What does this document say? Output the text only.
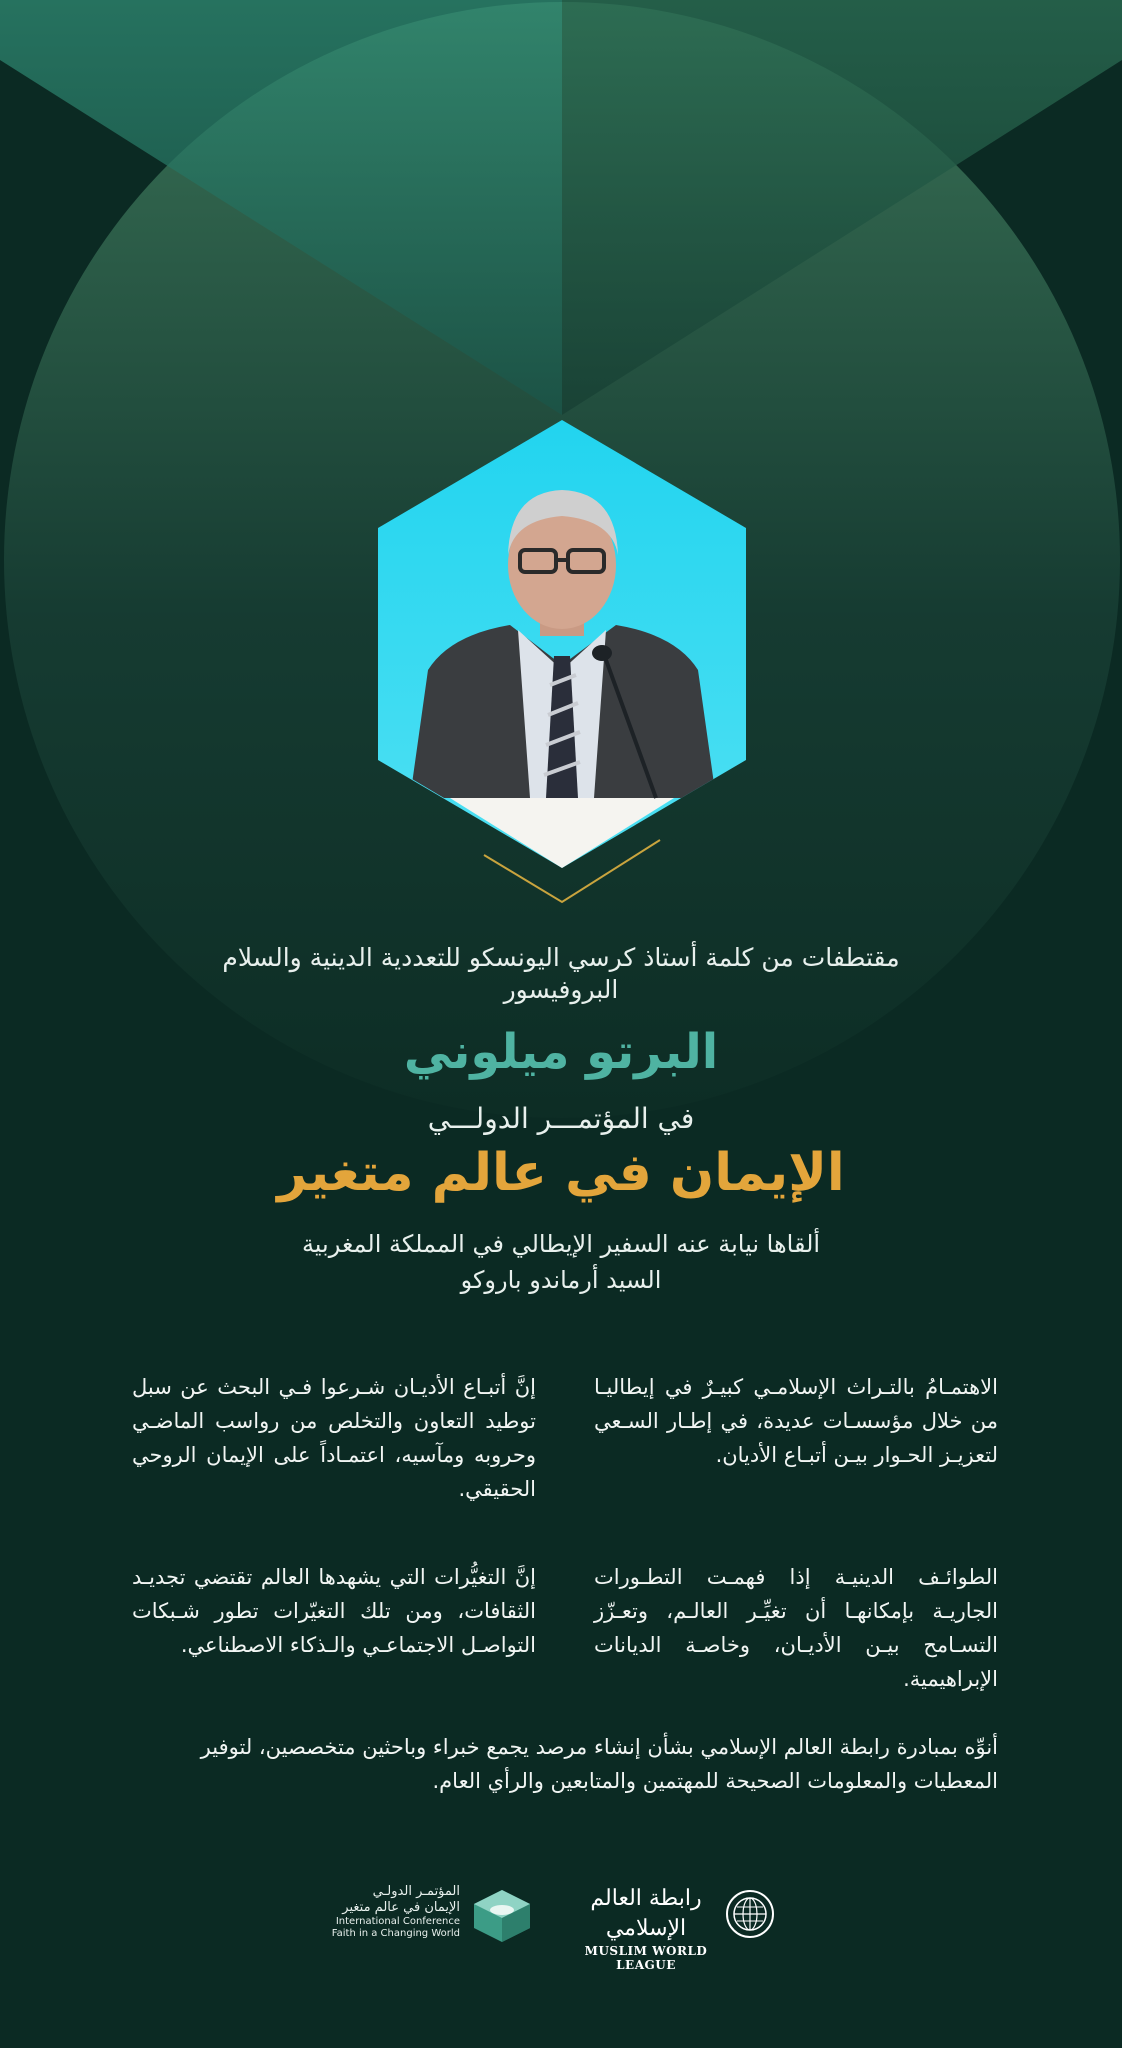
مقتطفات من كلمة أستاذ كرسي اليونسكو للتعددية الدينية والسلام
البروفيسور
البرتو ميلوني
في المؤتمـــر الدولـــي
الإيمان في عالم متغير
ألقاها نيابة عنه السفير الإيطالي في المملكة المغربية
السيد أرماندو باروكو

الاهتمـامُ بالتـراث الإسلامـي كبيـرٌ في إيطاليـا من خلال مؤسسـات عديدة، في إطـار السـعي لتعزيـز الحـوار بيـن أتبـاع الأديان.

إنَّ أتبـاع الأديـان شـرعوا فـي البحث عن سبل توطيد التعاون والتخلص من رواسب الماضـي وحروبه ومآسيه، اعتمـاداً على الإيمان الروحي الحقيقي.

الطوائـف الدينيـة إذا فهمـت التطـورات الجاريـة بإمكانهـا أن تغيِّـر العالـم، وتعـزّز التسـامح بيـن الأديـان، وخاصـة الديانات الإبراهيمية.

إنَّ التغيُّرات التي يشهدها العالم تقتضي تجديـد الثقافات، ومن تلك التغيّرات تطور شـبكات التواصـل الاجتماعـي والـذكاء الاصطناعي.

أنوِّه بمبادرة رابطة العالم الإسلامي بشأن إنشاء مرصد يجمع خبراء وباحثين متخصصين، لتوفير المعطيات والمعلومات الصحيحة للمهتمين والمتابعين والرأي العام.

المؤتمـر الدولـي
الإيمان في عالم متغير
International Conference
Faith in a Changing World
رابطة العالم الإسلامي
MUSLIM WORLD LEAGUE
